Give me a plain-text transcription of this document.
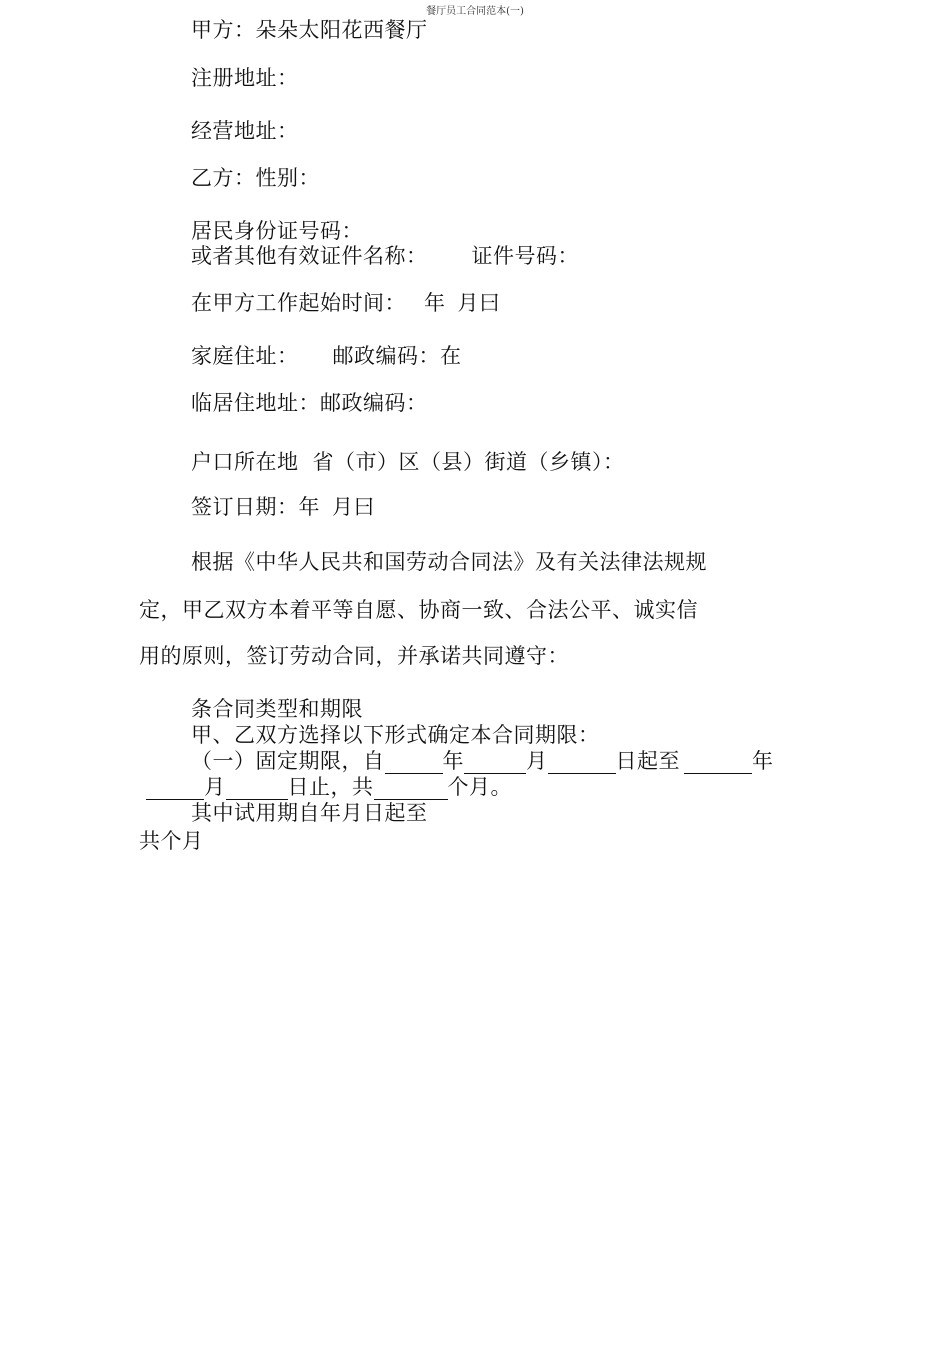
餐厅员工合同范本(一)
甲方：朵朵太阳花西餐厅
注册地址：
经营地址：
乙方：性别：
居民身份证号码：
或者其他有效证件名称： 证件号码：
在甲方工作起始时间： 年 月曰
家庭住址： 邮政编码：在
临居住地址：邮政编码：
户口所在地 省（市）区（县）街道（乡镇）：
签订日期：年 月曰
根据《中华人民共和国劳动合同法》及有关法律法规规
定，甲乙双方本着平等自愿、协商一致、合法公平、诚实信
用的原则，签订劳动合同，并承诺共同遵守：
条合同类型和期限
甲、乙双方选择以下形式确定本合同期限：
（一）固定期限，自	年	月	日起至	年
月	日止，共	个月。
其中试用期自年月日起至
共个月
